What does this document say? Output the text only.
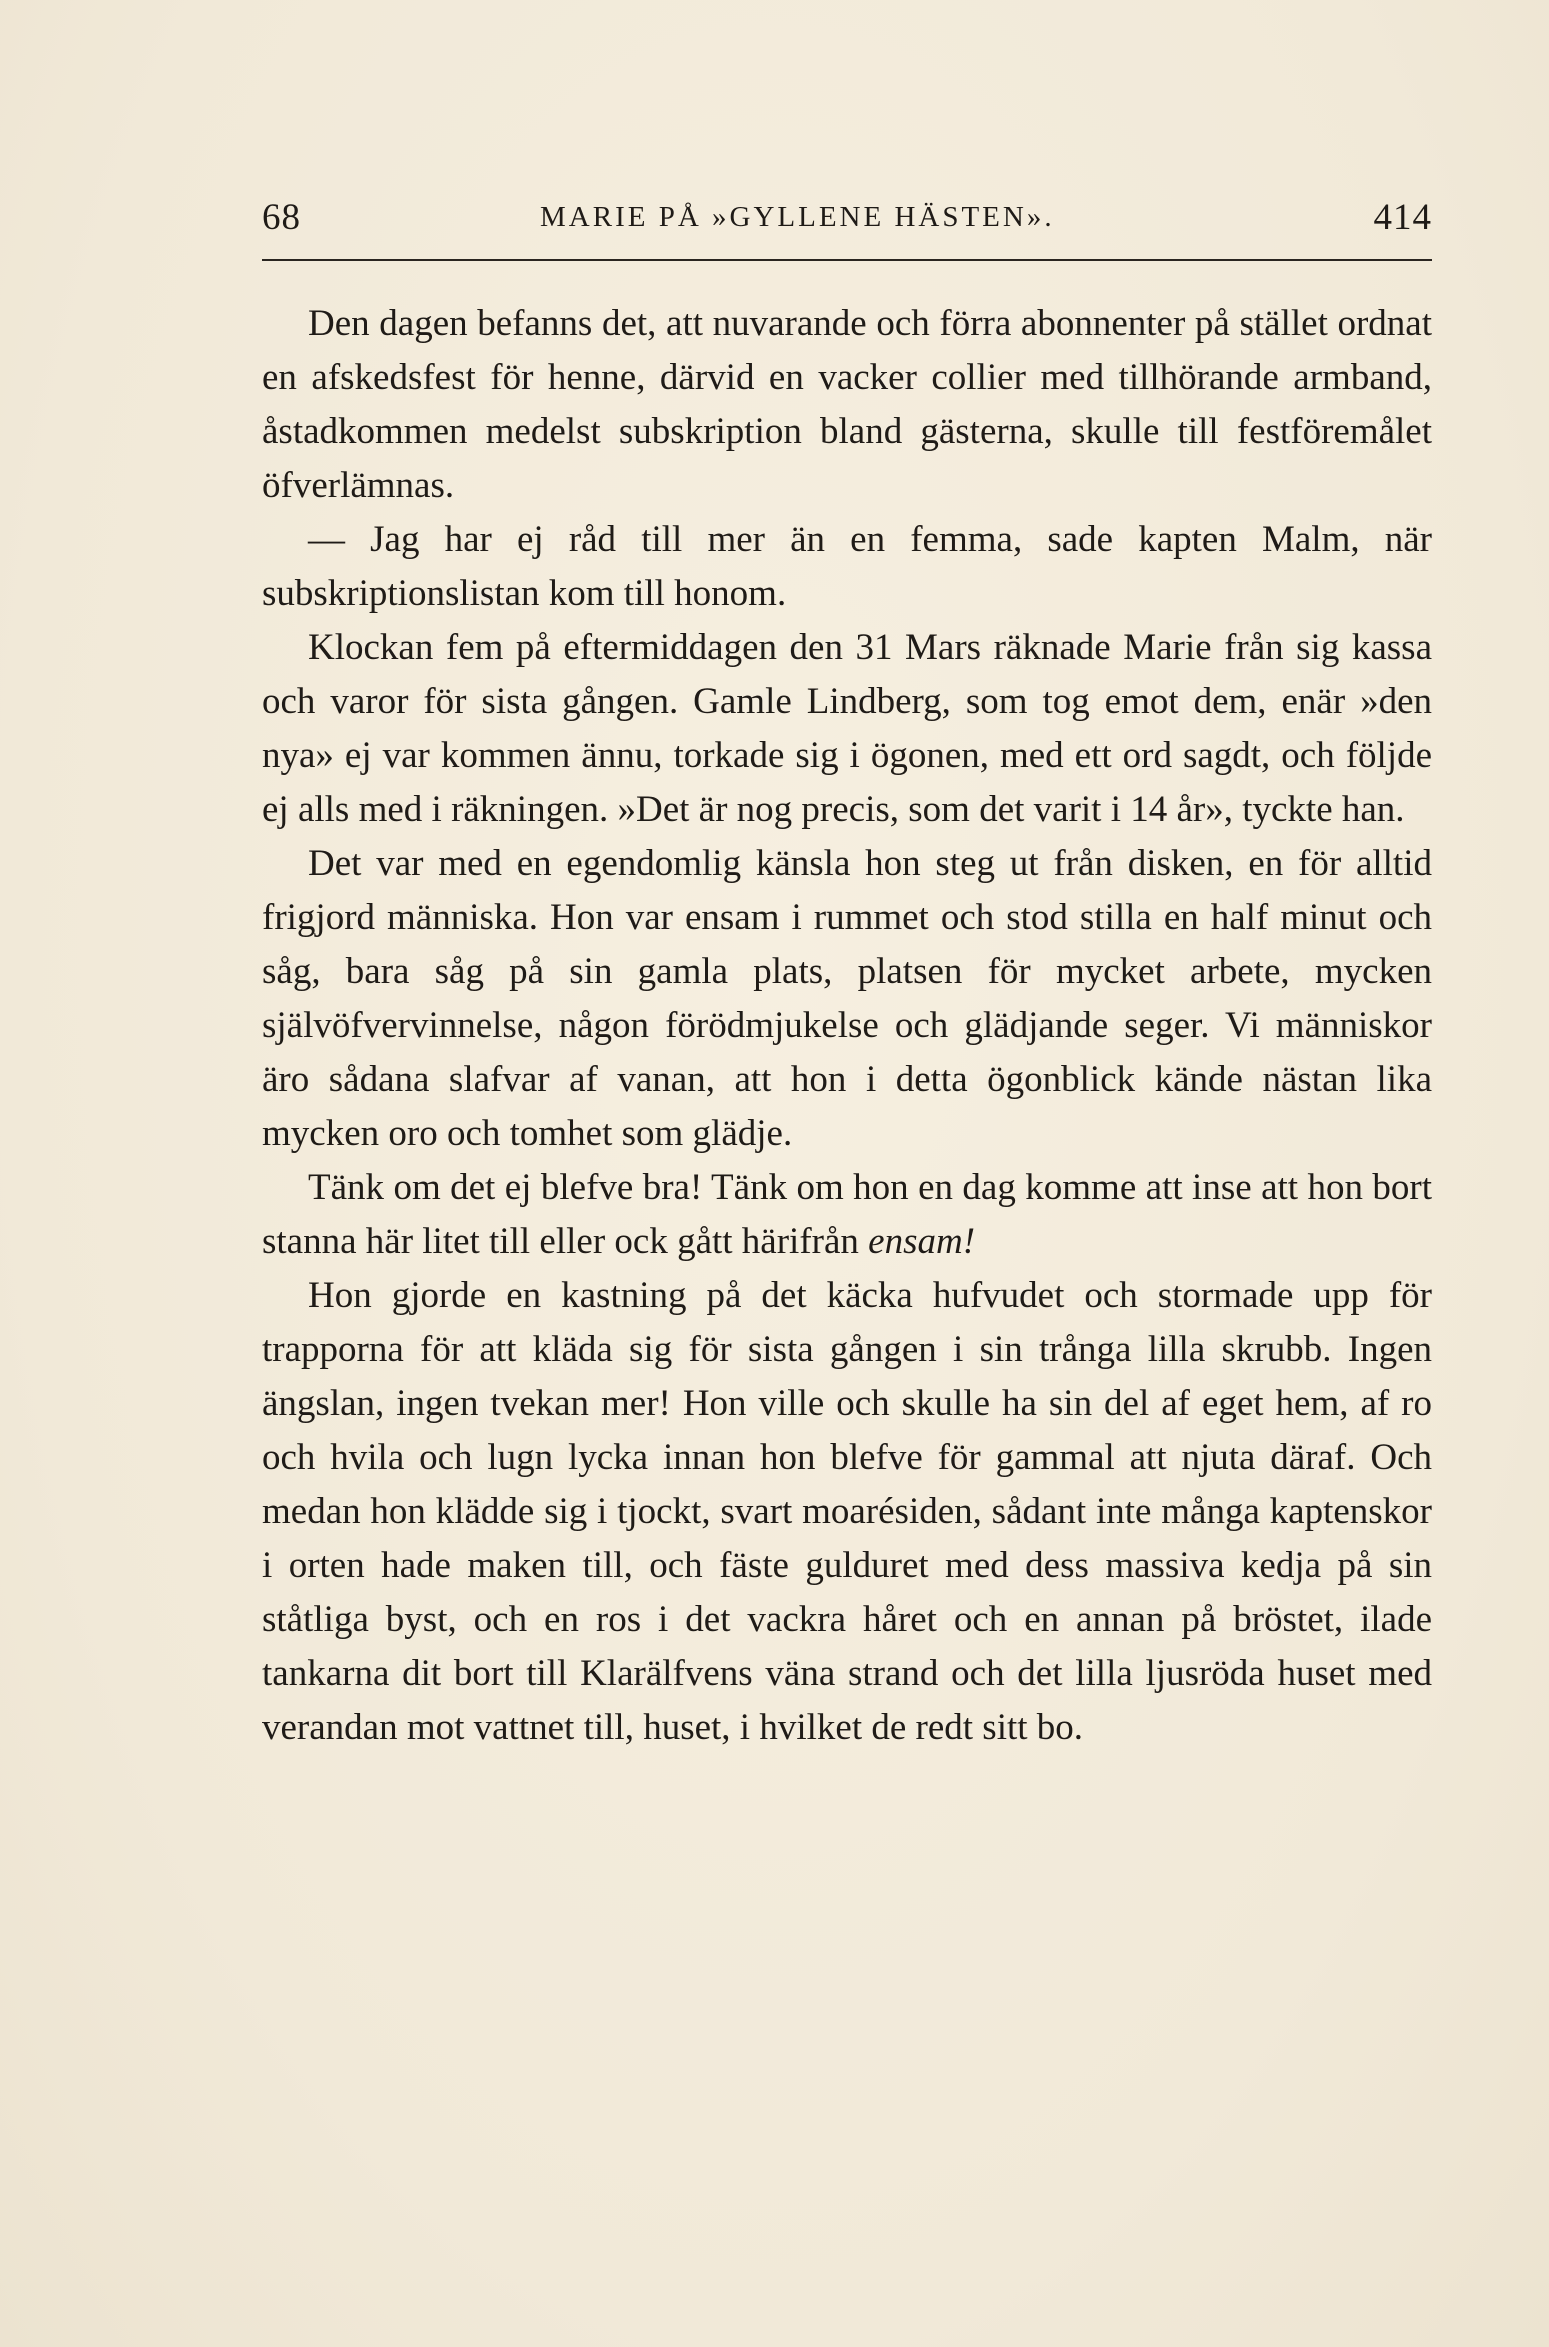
68	MARIE PÅ »GYLLENE HÄSTEN».	414

Den dagen befanns det, att nuvarande och förra abonnenter på stället ordnat en afskedsfest för henne, därvid en vacker collier med tillhörande armband, åstadkommen medelst subskription bland gästerna, skulle till festföremålet öfverlämnas.

— Jag har ej råd till mer än en femma, sade kapten Malm, när subskriptionslistan kom till honom.

Klockan fem på eftermiddagen den 31 Mars räknade Marie från sig kassa och varor för sista gången. Gamle Lindberg, som tog emot dem, enär »den nya» ej var kommen ännu, torkade sig i ögonen, med ett ord sagdt, och följde ej alls med i räkningen. »Det är nog precis, som det varit i 14 år», tyckte han.

Det var med en egendomlig känsla hon steg ut från disken, en för alltid frigjord människa. Hon var ensam i rummet och stod stilla en half minut och såg, bara såg på sin gamla plats, platsen för mycket arbete, mycken självöfvervinnelse, någon förödmjukelse och glädjande seger. Vi människor äro sådana slafvar af vanan, att hon i detta ögonblick kände nästan lika mycken oro och tomhet som glädje.

Tänk om det ej blefve bra! Tänk om hon en dag komme att inse att hon bort stanna här litet till eller ock gått härifrån ensam!

Hon gjorde en kastning på det käcka hufvudet och stormade upp för trapporna för att kläda sig för sista gången i sin trånga lilla skrubb. Ingen ängslan, ingen tvekan mer! Hon ville och skulle ha sin del af eget hem, af ro och hvila och lugn lycka innan hon blefve för gammal att njuta däraf. Och medan hon klädde sig i tjockt, svart moarésiden, sådant inte många kaptenskor i orten hade maken till, och fäste gulduret med dess massiva kedja på sin ståtliga byst, och en ros i det vackra håret och en annan på bröstet, ilade tankarna dit bort till Klarälfvens väna strand och det lilla ljusröda huset med verandan mot vattnet till, huset, i hvilket de redt sitt bo.
